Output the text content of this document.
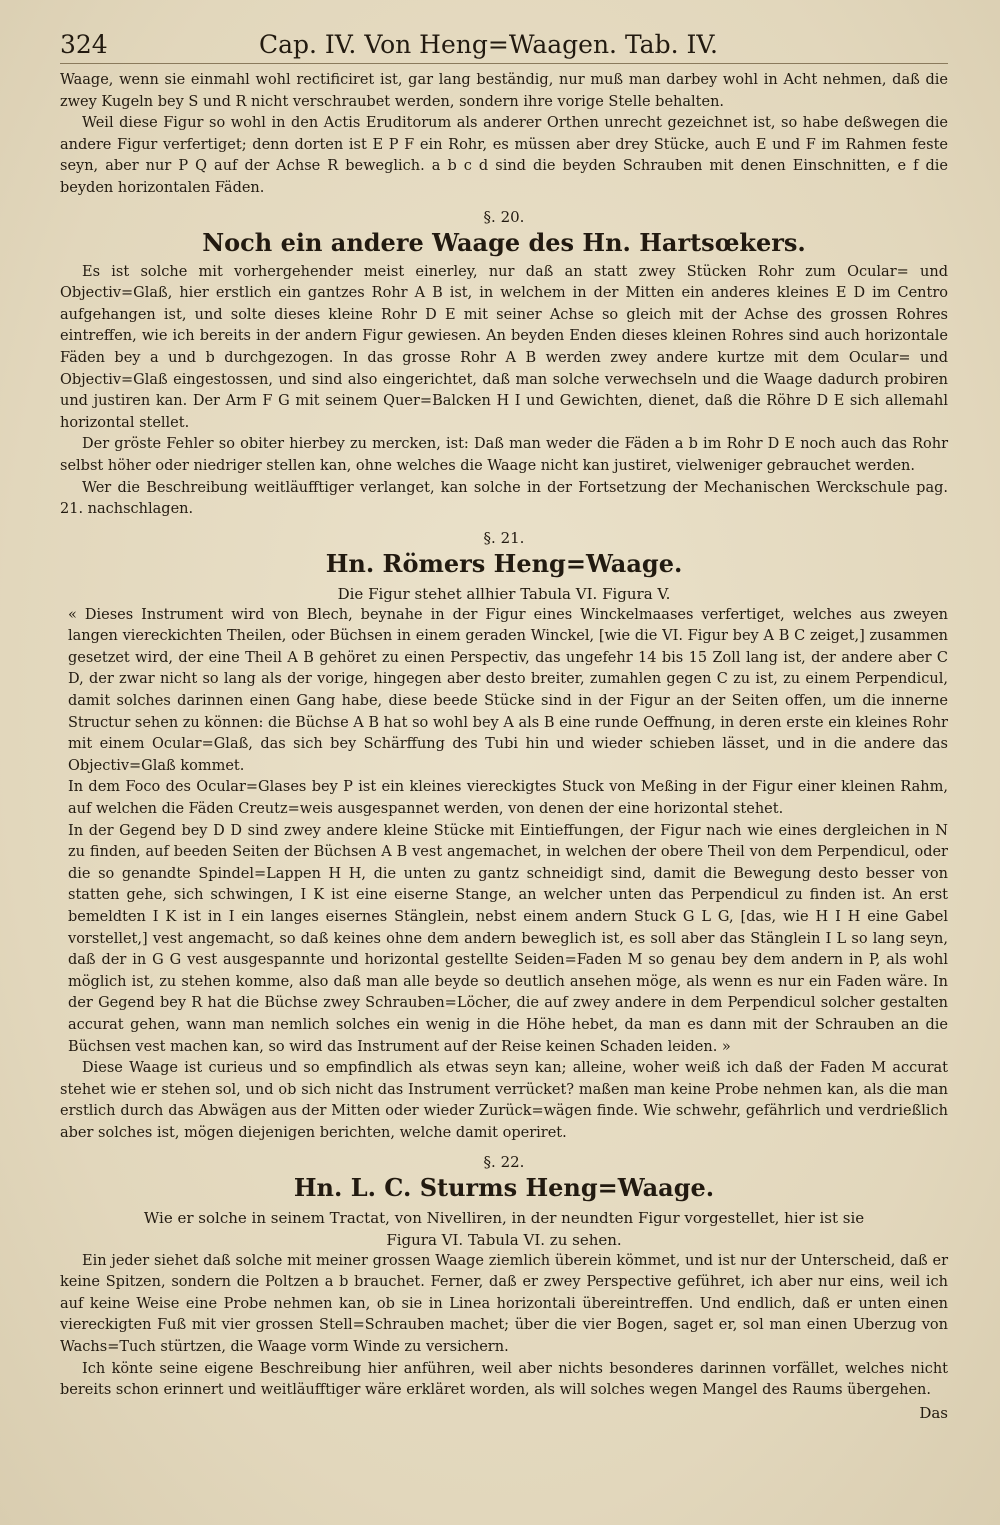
324	Cap. IV. Von Heng=Waagen. Tab. IV.

Waage, wenn sie einmahl wohl rectificiret ist, gar lang beständig, nur muß man darbey wohl in Acht nehmen, daß die zwey Kugeln bey S und R nicht verschraubet werden, sondern ihre vorige Stelle behalten.

Weil diese Figur so wohl in den Actis Eruditorum als anderer Orthen unrecht gezeichnet ist, so habe deßwegen die andere Figur verfertiget; denn dorten ist E P F ein Rohr, es müssen aber drey Stücke, auch E und F im Rahmen feste seyn, aber nur P Q auf der Achse R beweglich. a b c d sind die beyden Schrauben mit denen Einschnitten, e f die beyden horizontalen Fäden.

§. 20.
Noch ein andere Waage des Hn. Hartsœkers.

Es ist solche mit vorhergehender meist einerley, nur daß an statt zwey Stücken Rohr zum Ocular= und Objectiv=Glaß, hier erstlich ein gantzes Rohr A B ist, in welchem in der Mitten ein anderes kleines E D im Centro aufgehangen ist, und solte dieses kleine Rohr D E mit seiner Achse so gleich mit der Achse des grossen Rohres eintreffen, wie ich bereits in der andern Figur gewiesen. An beyden Enden dieses kleinen Rohres sind auch horizontale Fäden bey a und b durchgezogen. In das grosse Rohr A B werden zwey andere kurtze mit dem Ocular= und Objectiv=Glaß eingestossen, und sind also eingerichtet, daß man solche verwechseln und die Waage dadurch probiren und justiren kan. Der Arm F G mit seinem Quer=Balcken H I und Gewichten, dienet, daß die Röhre D E sich allemahl horizontal stellet.

Der gröste Fehler so obiter hierbey zu mercken, ist: Daß man weder die Fäden a b im Rohr D E noch auch das Rohr selbst höher oder niedriger stellen kan, ohne welches die Waage nicht kan justiret, vielweniger gebrauchet werden.

Wer die Beschreibung weitläufftiger verlanget, kan solche in der Fortsetzung der Mechanischen Werckschule pag. 21. nachschlagen.

§. 21.
Hn. Römers Heng=Waage.
Die Figur stehet allhier Tabula VI. Figura V.

« Dieses Instrument wird von Blech, beynahe in der Figur eines Winckelmaases verfertiget, welches aus zweyen langen viereckichten Theilen, oder Büchsen in einem geraden Winckel, [wie die VI. Figur bey A B C zeiget,] zusammen gesetzet wird, der eine Theil A B gehöret zu einen Perspectiv, das ungefehr 14 bis 15 Zoll lang ist, der andere aber C D, der zwar nicht so lang als der vorige, hingegen aber desto breiter, zumahlen gegen C zu ist, zu einem Perpendicul, damit solches darinnen einen Gang habe, diese beede Stücke sind in der Figur an der Seiten offen, um die innerne Structur sehen zu können: die Büchse A B hat so wohl bey A als B eine runde Oeffnung, in deren erste ein kleines Rohr mit einem Ocular=Glaß, das sich bey Schärffung des Tubi hin und wieder schieben lässet, und in die andere das Objectiv=Glaß kommet.

In dem Foco des Ocular=Glases bey P ist ein kleines viereckigtes Stuck von Meßing in der Figur einer kleinen Rahm, auf welchen die Fäden Creutz=weis ausgespannet werden, von denen der eine horizontal stehet.

In der Gegend bey D D sind zwey andere kleine Stücke mit Eintieffungen, der Figur nach wie eines dergleichen in N zu finden, auf beeden Seiten der Büchsen A B vest angemachet, in welchen der obere Theil von dem Perpendicul, oder die so genandte Spindel=Lappen H H, die unten zu gantz schneidigt sind, damit die Bewegung desto besser von statten gehe, sich schwingen, I K ist eine eiserne Stange, an welcher unten das Perpendicul zu finden ist. An erst bemeldten I K ist in I ein langes eisernes Stänglein, nebst einem andern Stuck G L G, [das, wie H I H eine Gabel vorstellet,] vest angemacht, so daß keines ohne dem andern beweglich ist, es soll aber das Stänglein I L so lang seyn, daß der in G G vest ausgespannte und horizontal gestellte Seiden=Faden M so genau bey dem andern in P, als wohl möglich ist, zu stehen komme, also daß man alle beyde so deutlich ansehen möge, als wenn es nur ein Faden wäre. In der Gegend bey R hat die Büchse zwey Schrauben=Löcher, die auf zwey andere in dem Perpendicul solcher gestalten accurat gehen, wann man nemlich solches ein wenig in die Höhe hebet, da man es dann mit der Schrauben an die Büchsen vest machen kan, so wird das Instrument auf der Reise keinen Schaden leiden. »

Diese Waage ist curieus und so empfindlich als etwas seyn kan; alleine, woher weiß ich daß der Faden M accurat stehet wie er stehen sol, und ob sich nicht das Instrument verrücket? maßen man keine Probe nehmen kan, als die man erstlich durch das Abwägen aus der Mitten oder wieder Zurück=wägen finde. Wie schwehr, gefährlich und verdrießlich aber solches ist, mögen diejenigen berichten, welche damit operiret.

§. 22.
Hn. L. C. Sturms Heng=Waage.
Wie er solche in seinem Tractat, von Nivelliren, in der neundten Figur vorgestellet, hier ist sie
Figura VI. Tabula VI. zu sehen.

Ein jeder siehet daß solche mit meiner grossen Waage ziemlich überein kömmet, und ist nur der Unterscheid, daß er keine Spitzen, sondern die Poltzen a b brauchet. Ferner, daß er zwey Perspective geführet, ich aber nur eins, weil ich auf keine Weise eine Probe nehmen kan, ob sie in Linea horizontali übereintreffen. Und endlich, daß er unten einen viereckigten Fuß mit vier grossen Stell=Schrauben machet; über die vier Bogen, saget er, sol man einen Uberzug von Wachs=Tuch stürtzen, die Waage vorm Winde zu versichern.

Ich könte seine eigene Beschreibung hier anführen, weil aber nichts besonderes darinnen vorfället, welches nicht bereits schon erinnert und weitläufftiger wäre erkläret worden, als will solches wegen Mangel des Raums übergehen.

Das
